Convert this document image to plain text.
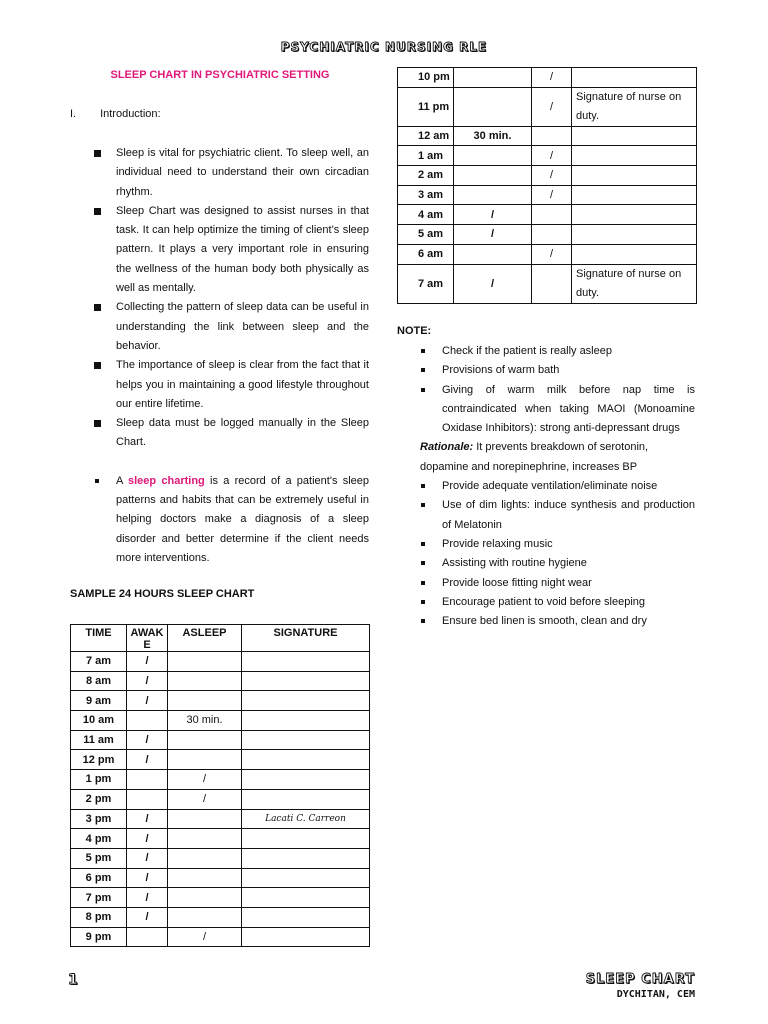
PSYCHIATRIC NURSING RLE
SLEEP CHART IN PSYCHIATRIC SETTING
I. Introduction:
Sleep is vital for psychiatric client. To sleep well, an individual need to understand their own circadian rhythm.
Sleep Chart was designed to assist nurses in that task. It can help optimize the timing of client’s sleep pattern. It plays a very important role in ensuring the wellness of the human body both physically as well as mentally.
Collecting the pattern of sleep data can be useful in understanding the link between sleep and the behavior.
The importance of sleep is clear from the fact that it helps you in maintaining a good lifestyle throughout our entire lifetime.
Sleep data must be logged manually in the Sleep Chart.
A sleep charting is a record of a patient's sleep patterns and habits that can be extremely useful in helping doctors make a diagnosis of a sleep disorder and better determine if the client needs more interventions.
SAMPLE 24 HOURS SLEEP CHART
TIME	AWAKE	ASLEEP	SIGNATURE
7 am	/		
8 am	/		
9 am	/		
10 am		30 min.	
11 am	/		
12 pm	/		
1 pm		/	
2 pm		/	
3 pm	/		Lacati C. Carreon
4 pm	/		
5 pm	/		
6 pm	/		
7 pm	/		
8 pm	/		
9 pm		/	
10 pm		/	
11 pm		/	Signature of nurse on duty.
12 am	30 min.		
1 am		/	
2 am		/	
3 am		/	
4 am	/		
5 am	/		
6 am		/	
7 am	/		Signature of nurse on duty.
NOTE:
Check if the patient is really asleep
Provisions of warm bath
Giving of warm milk before nap time is contraindicated when taking MAOI (Monoamine Oxidase Inhibitors): strong anti-depressant drugs
Rationale: It prevents breakdown of serotonin, dopamine and norepinephrine, increases BP
Provide adequate ventilation/eliminate noise
Use of dim lights: induce synthesis and production of Melatonin
Provide relaxing music
Assisting with routine hygiene
Provide loose fitting night wear
Encourage patient to void before sleeping
Ensure bed linen is smooth, clean and dry
1	SLEEP CHART
DYCHITAN, CEM
